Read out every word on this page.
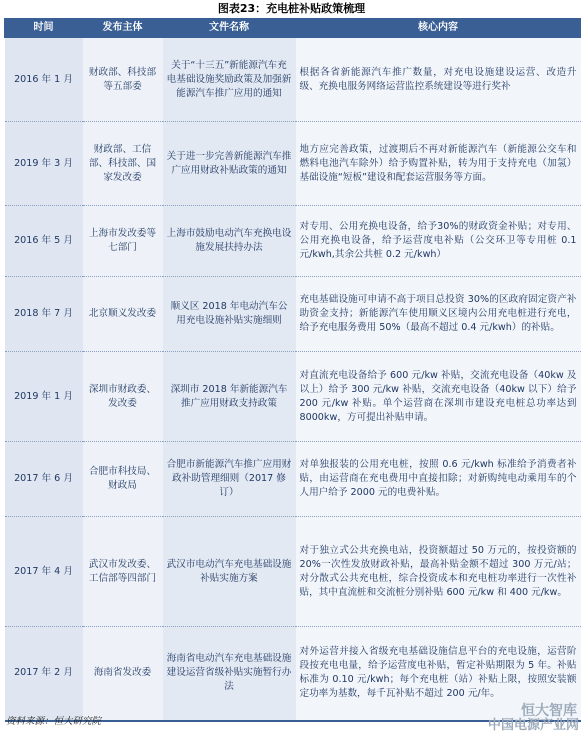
图表23：充电桩补贴政策梳理
时间	发布主体	文件名称	核心内容
2016 年 1 月	财政部、科技部等五部委	关于“十三五”新能源汽车充电基础设施奖励政策及加强新能源汽车推广应用的通知	根据各省新能源汽车推广数量，对充电设施建设运营、改造升级、充换电服务网络运营监控系统建设等进行奖补
2019 年 3 月	财政部、工信部、科技部、国家发改委	关于进一步完善新能源汽车推广应用财政补贴政策的通知	地方应完善政策，过渡期后不再对新能源汽车（新能源公交车和燃料电池汽车除外）给予购置补贴，转为用于支持充电（加氢）基础设施“短板”建设和配套运营服务等方面。
2016 年 5 月	上海市发改委等七部门	上海市鼓励电动汽车充换电设施发展扶持办法	对专用、公用充换电设备，给予30%的财政资金补贴；对专用、公用充换电设备，给予运营度电补贴（公交环卫等专用桩 0.1 元/kwh,其余公共桩 0.2 元/kwh）
2018 年 7 月	北京顺义发改委	顺义区 2018 年电动汽车公用充电设施补贴实施细则	充电基础设施可申请不高于项目总投资 30%的区政府固定资产补助资金支持；新能源汽车使用顺义区境内公用充电桩进行充电，给予充电服务费用 50%（最高不超过 0.4 元/kwh）的补贴。
2019 年 1 月	深圳市财政委、发改委	深圳市 2018 年新能源汽车推广应用财政支持政策	对直流充电设备给予 600 元/kw 补贴，交流充电设备（40kw 及以上）给予 300 元/kw 补贴，交流充电设备（40kw 以下）给予 200 元/kw 补贴。单个运营商在深圳市建设充电桩总功率达到 8000kw，方可提出补贴申请。
2017 年 6 月	合肥市科技局、财政局	合肥市新能源汽车推广应用财政补助管理细则（2017 修订）	对单独报装的公用充电桩，按照 0.6 元/kwh 标准给予消费者补贴，由运营商在充电费用中直接扣除；对新购纯电动乘用车的个人用户给予 2000 元的电费补贴。
2017 年 4 月	武汉市发改委、工信部等四部门	武汉市电动汽车充电基础设施补贴实施方案	对于独立式公共充换电站，投资额超过 50 万元的，按投资额的 20%一次性发放财政补贴，最高补贴金额不超过 300 万元/站；对分散式公共充电桩，综合投资成本和充电桩功率进行一次性补贴，其中直流桩和交流桩分别补贴 600 元/kw 和 400 元/kw。
2017 年 2 月	海南省发改委	海南省电动汽车充电基础设施建设运营省级补贴实施暂行办法	对外运营并接入省级充电基础设施信息平台的充电设施，运营阶段按充电电量，给予运营度电补贴，暂定补贴期限为 5 年。补贴标准为 0.10 元/kwh；每个充电桩（站）补贴上限，按照安装额定功率为基数，每千瓦补贴不超过 200 元/年。
资料来源：恒大研究院
恒大智库
中国电源产业网
